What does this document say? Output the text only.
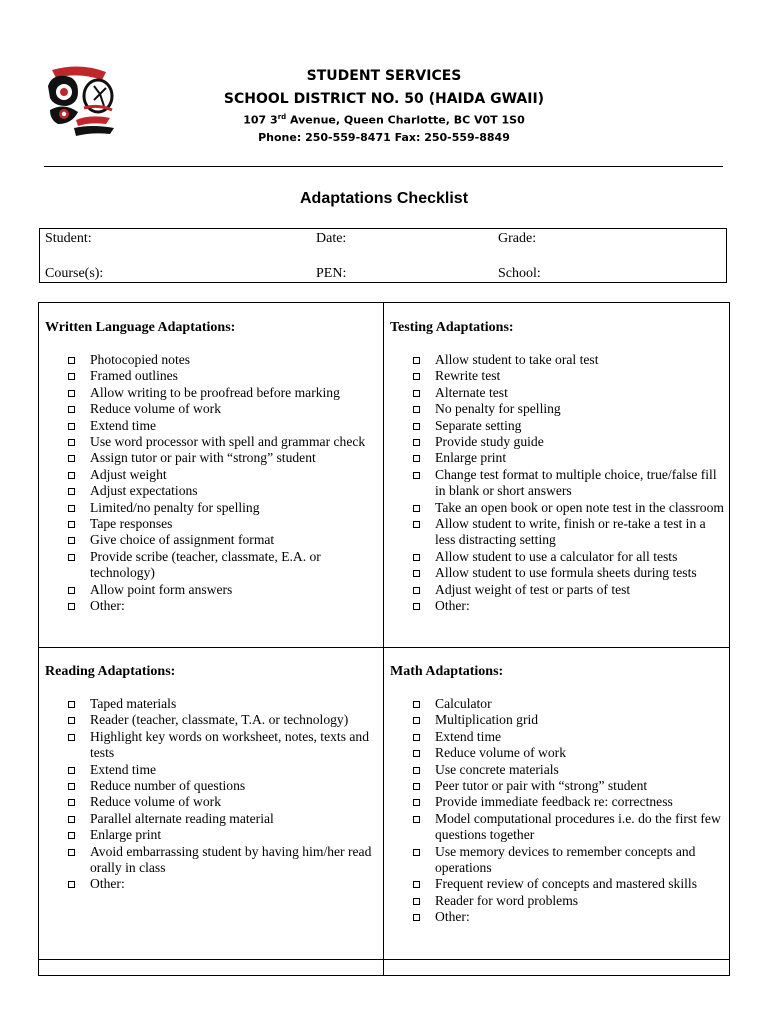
STUDENT SERVICES
SCHOOL DISTRICT NO. 50 (HAIDA GWAII)
107 3rd Avenue, Queen Charlotte, BC V0T 1S0
Phone: 250-559-8471 Fax: 250-559-8849
Adaptations Checklist
Student:	Date:	Grade:
Course(s):	PEN:	School:
Written Language Adaptations:
Photocopied notes
Framed outlines
Allow writing to be proofread before marking
Reduce volume of work
Extend time
Use word processor with spell and grammar check
Assign tutor or pair with “strong” student
Adjust weight
Adjust expectations
Limited/no penalty for spelling
Tape responses
Give choice of assignment format
Provide scribe (teacher, classmate, E.A. or technology)
Allow point form answers
Other:
Testing Adaptations:
Allow student to take oral test
Rewrite test
Alternate test
No penalty for spelling
Separate setting
Provide study guide
Enlarge print
Change test format to multiple choice, true/false fill in blank or short answers
Take an open book or open note test in the classroom
Allow student to write, finish or re-take a test in a less distracting setting
Allow student to use a calculator for all tests
Allow student to use formula sheets during tests
Adjust weight of test or parts of test
Other:
Reading Adaptations:
Taped materials
Reader (teacher, classmate, T.A. or technology)
Highlight key words on worksheet, notes, texts and tests
Extend time
Reduce number of questions
Reduce volume of work
Parallel alternate reading material
Enlarge print
Avoid embarrassing student by having him/her read orally in class
Other:
Math Adaptations:
Calculator
Multiplication grid
Extend time
Reduce volume of work
Use concrete materials
Peer tutor or pair with “strong” student
Provide immediate feedback re: correctness
Model computational procedures i.e. do the first few questions together
Use memory devices to remember concepts and operations
Frequent review of concepts and mastered skills
Reader for word problems
Other:
